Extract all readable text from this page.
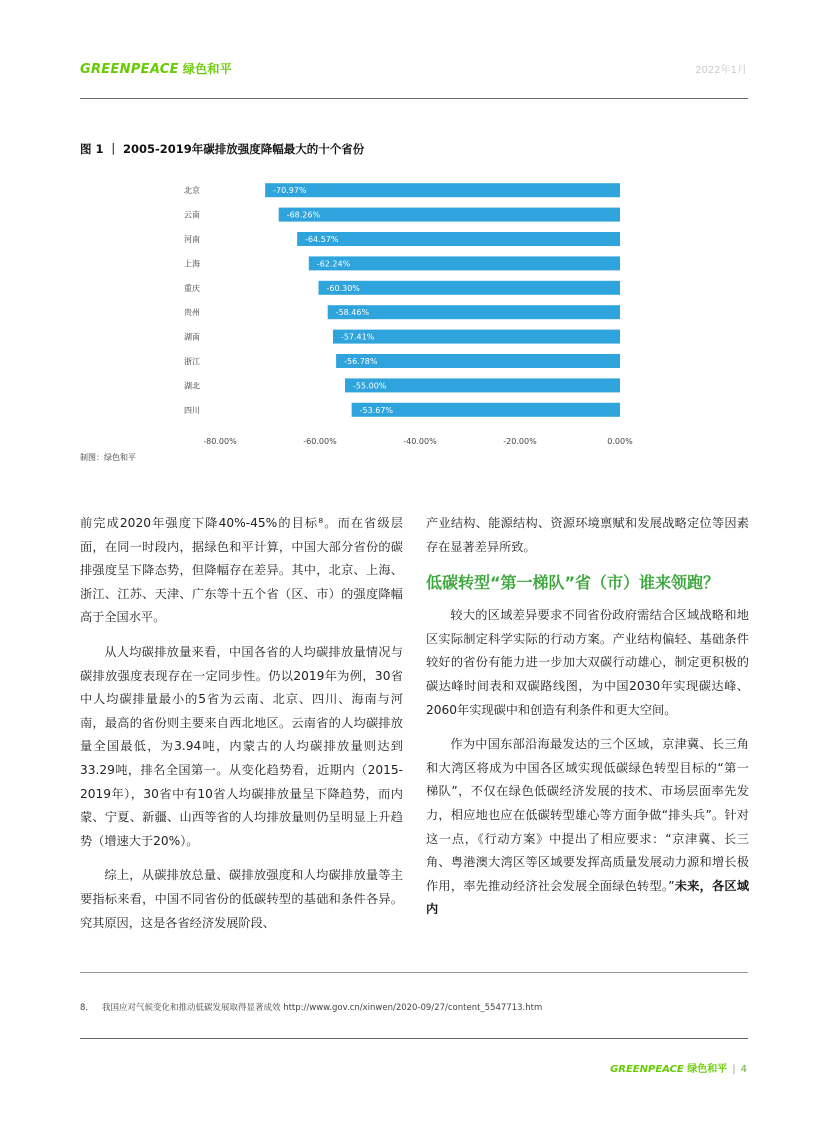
GREENPEACE 绿色和平	2022年1月
图 1 ｜ 2005-2019年碳排放强度降幅最大的十个省份
北京	-70.97%
云南	-68.26%
河南	-64.57%
上海	-62.24%
重庆	-60.30%
贵州	-58.46%
湖南	-57.41%
浙江	-56.78%
湖北	-55.00%
四川	-53.67%
-80.00%	-60.00%	-40.00%	-20.00%	0.00%
制图：绿色和平

前完成2020年强度下降40%-45%的目标⁸。而在省级层面，在同一时段内，据绿色和平计算，中国大部分省份的碳排强度呈下降态势，但降幅存在差异。其中，北京、上海、浙江、江苏、天津、广东等十五个省（区、市）的强度降幅高于全国水平。

从人均碳排放量来看，中国各省的人均碳排放量情况与碳排放强度表现存在一定同步性。仍以2019年为例，30省中人均碳排量最小的5省为云南、北京、四川、海南与河南，最高的省份则主要来自西北地区。云南省的人均碳排放量全国最低，为3.94吨，内蒙古的人均碳排放量则达到33.29吨，排名全国第一。从变化趋势看，近期内（2015-2019年），30省中有10省人均碳排放量呈下降趋势，而内蒙、宁夏、新疆、山西等省的人均排放量则仍呈明显上升趋势（增速大于20%）。

综上，从碳排放总量、碳排放强度和人均碳排放量等主要指标来看，中国不同省份的低碳转型的基础和条件各异。究其原因，这是各省经济发展阶段、

产业结构、能源结构、资源环境禀赋和发展战略定位等因素存在显著差异所致。

低碳转型“第一梯队”省（市）谁来领跑？

较大的区域差异要求不同省份政府需结合区域战略和地区实际制定科学实际的行动方案。产业结构偏轻、基础条件较好的省份有能力进一步加大双碳行动雄心，制定更积极的碳达峰时间表和双碳路线图，为中国2030年实现碳达峰、2060年实现碳中和创造有利条件和更大空间。

作为中国东部沿海最发达的三个区域，京津冀、长三角和大湾区将成为中国各区域实现低碳绿色转型目标的“第一梯队”，不仅在绿色低碳经济发展的技术、市场层面率先发力，相应地也应在低碳转型雄心等方面争做“排头兵”。针对这一点，《行动方案》中提出了相应要求：“京津冀、长三角、粤港澳大湾区等区域要发挥高质量发展动力源和增长极作用，率先推动经济社会发展全面绿色转型。”未来，各区域内

8. 我国应对气候变化和推动低碳发展取得显著成效 http://www.gov.cn/xinwen/2020-09/27/content_5547713.htm
GREENPEACE 绿色和平 | 4
